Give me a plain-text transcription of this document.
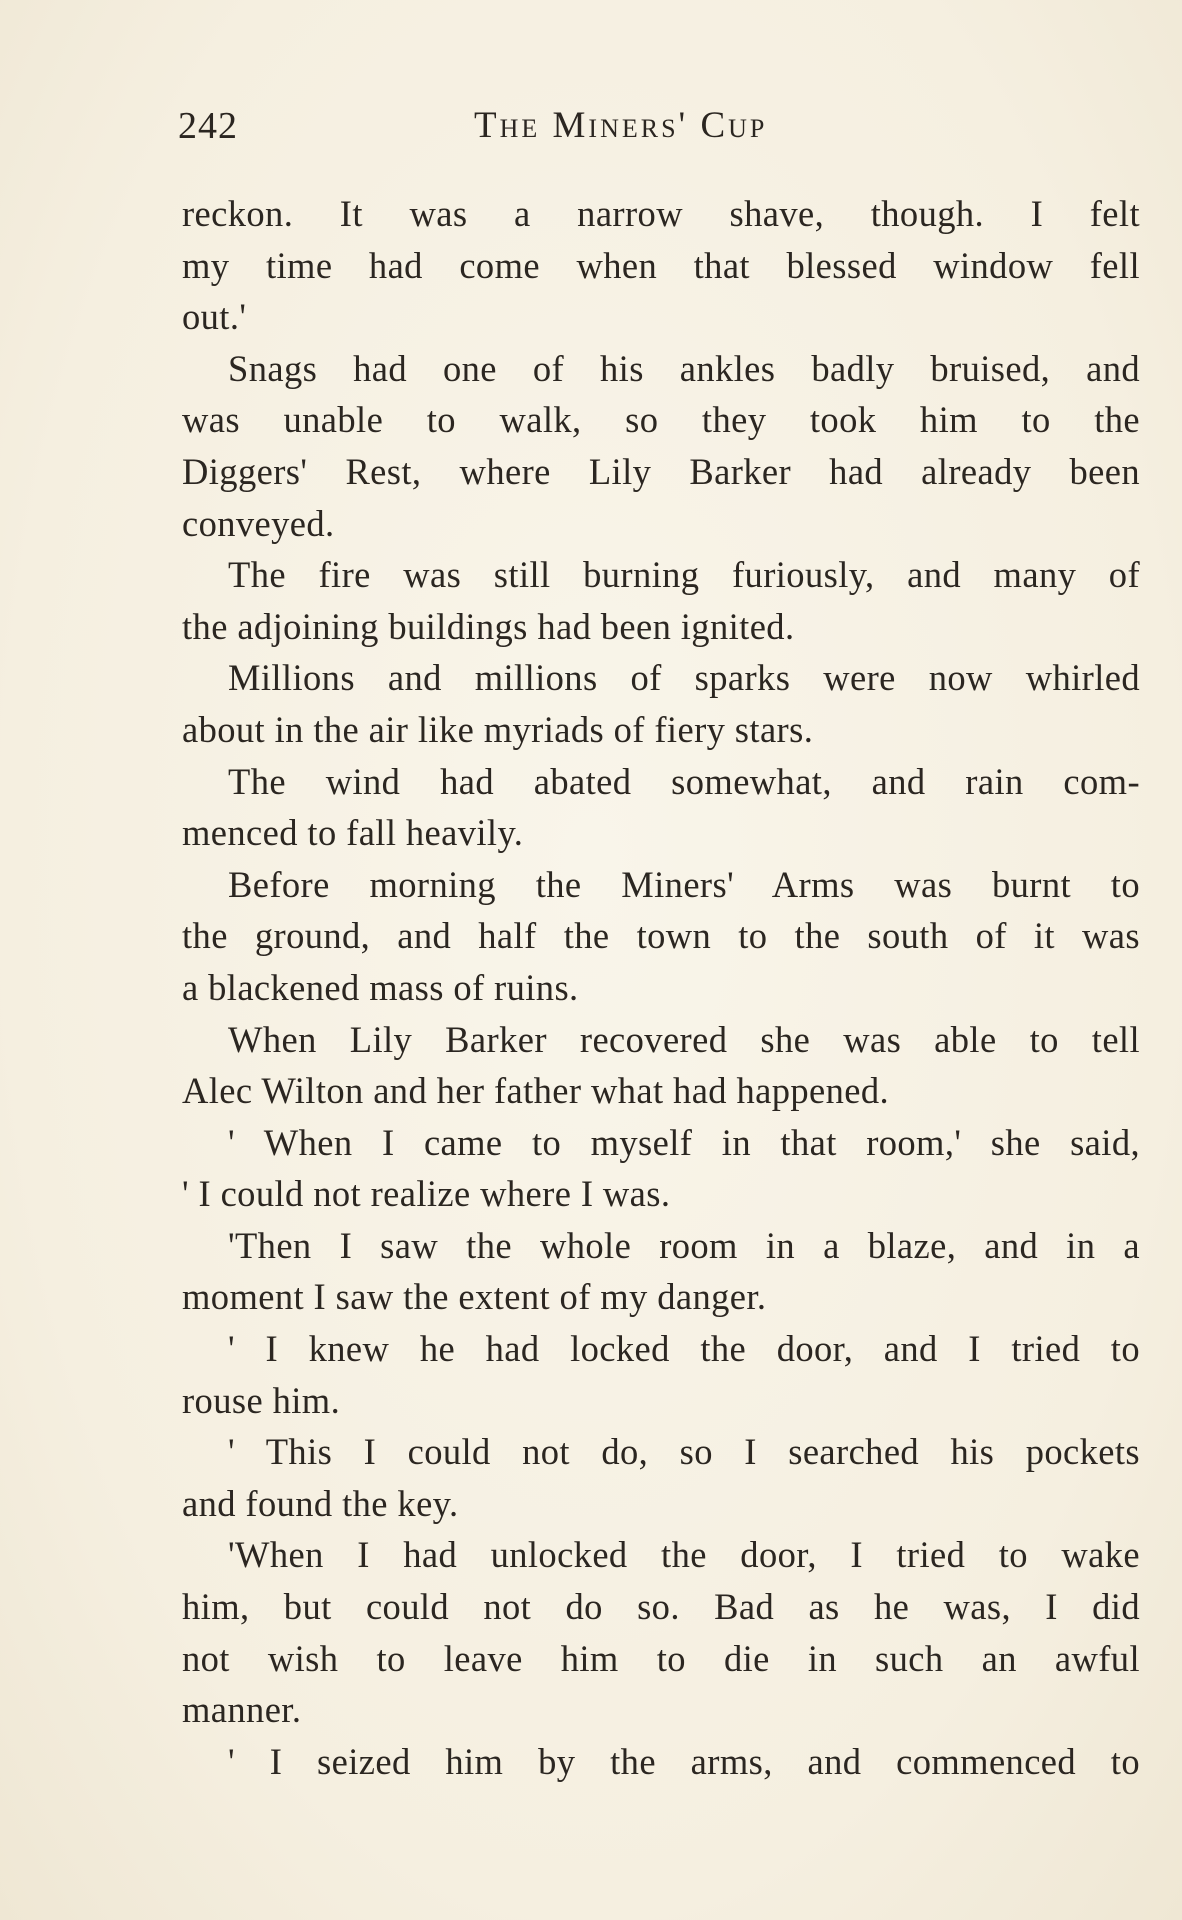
242	The Miners' Cup
reckon. It was a narrow shave, though. I felt
my time had come when that blessed window fell
out.'
Snags had one of his ankles badly bruised, and
was unable to walk, so they took him to the
Diggers' Rest, where Lily Barker had already been
conveyed.
The fire was still burning furiously, and many of
the adjoining buildings had been ignited.
Millions and millions of sparks were now whirled
about in the air like myriads of fiery stars.
The wind had abated somewhat, and rain com-
menced to fall heavily.
Before morning the Miners' Arms was burnt to
the ground, and half the town to the south of it was
a blackened mass of ruins.
When Lily Barker recovered she was able to tell
Alec Wilton and her father what had happened.
' When I came to myself in that room,' she said,
' I could not realize where I was.
'Then I saw the whole room in a blaze, and in a
moment I saw the extent of my danger.
' I knew he had locked the door, and I tried to
rouse him.
' This I could not do, so I searched his pockets
and found the key.
'When I had unlocked the door, I tried to wake
him, but could not do so. Bad as he was, I did
not wish to leave him to die in such an awful
manner.
' I seized him by the arms, and commenced to
